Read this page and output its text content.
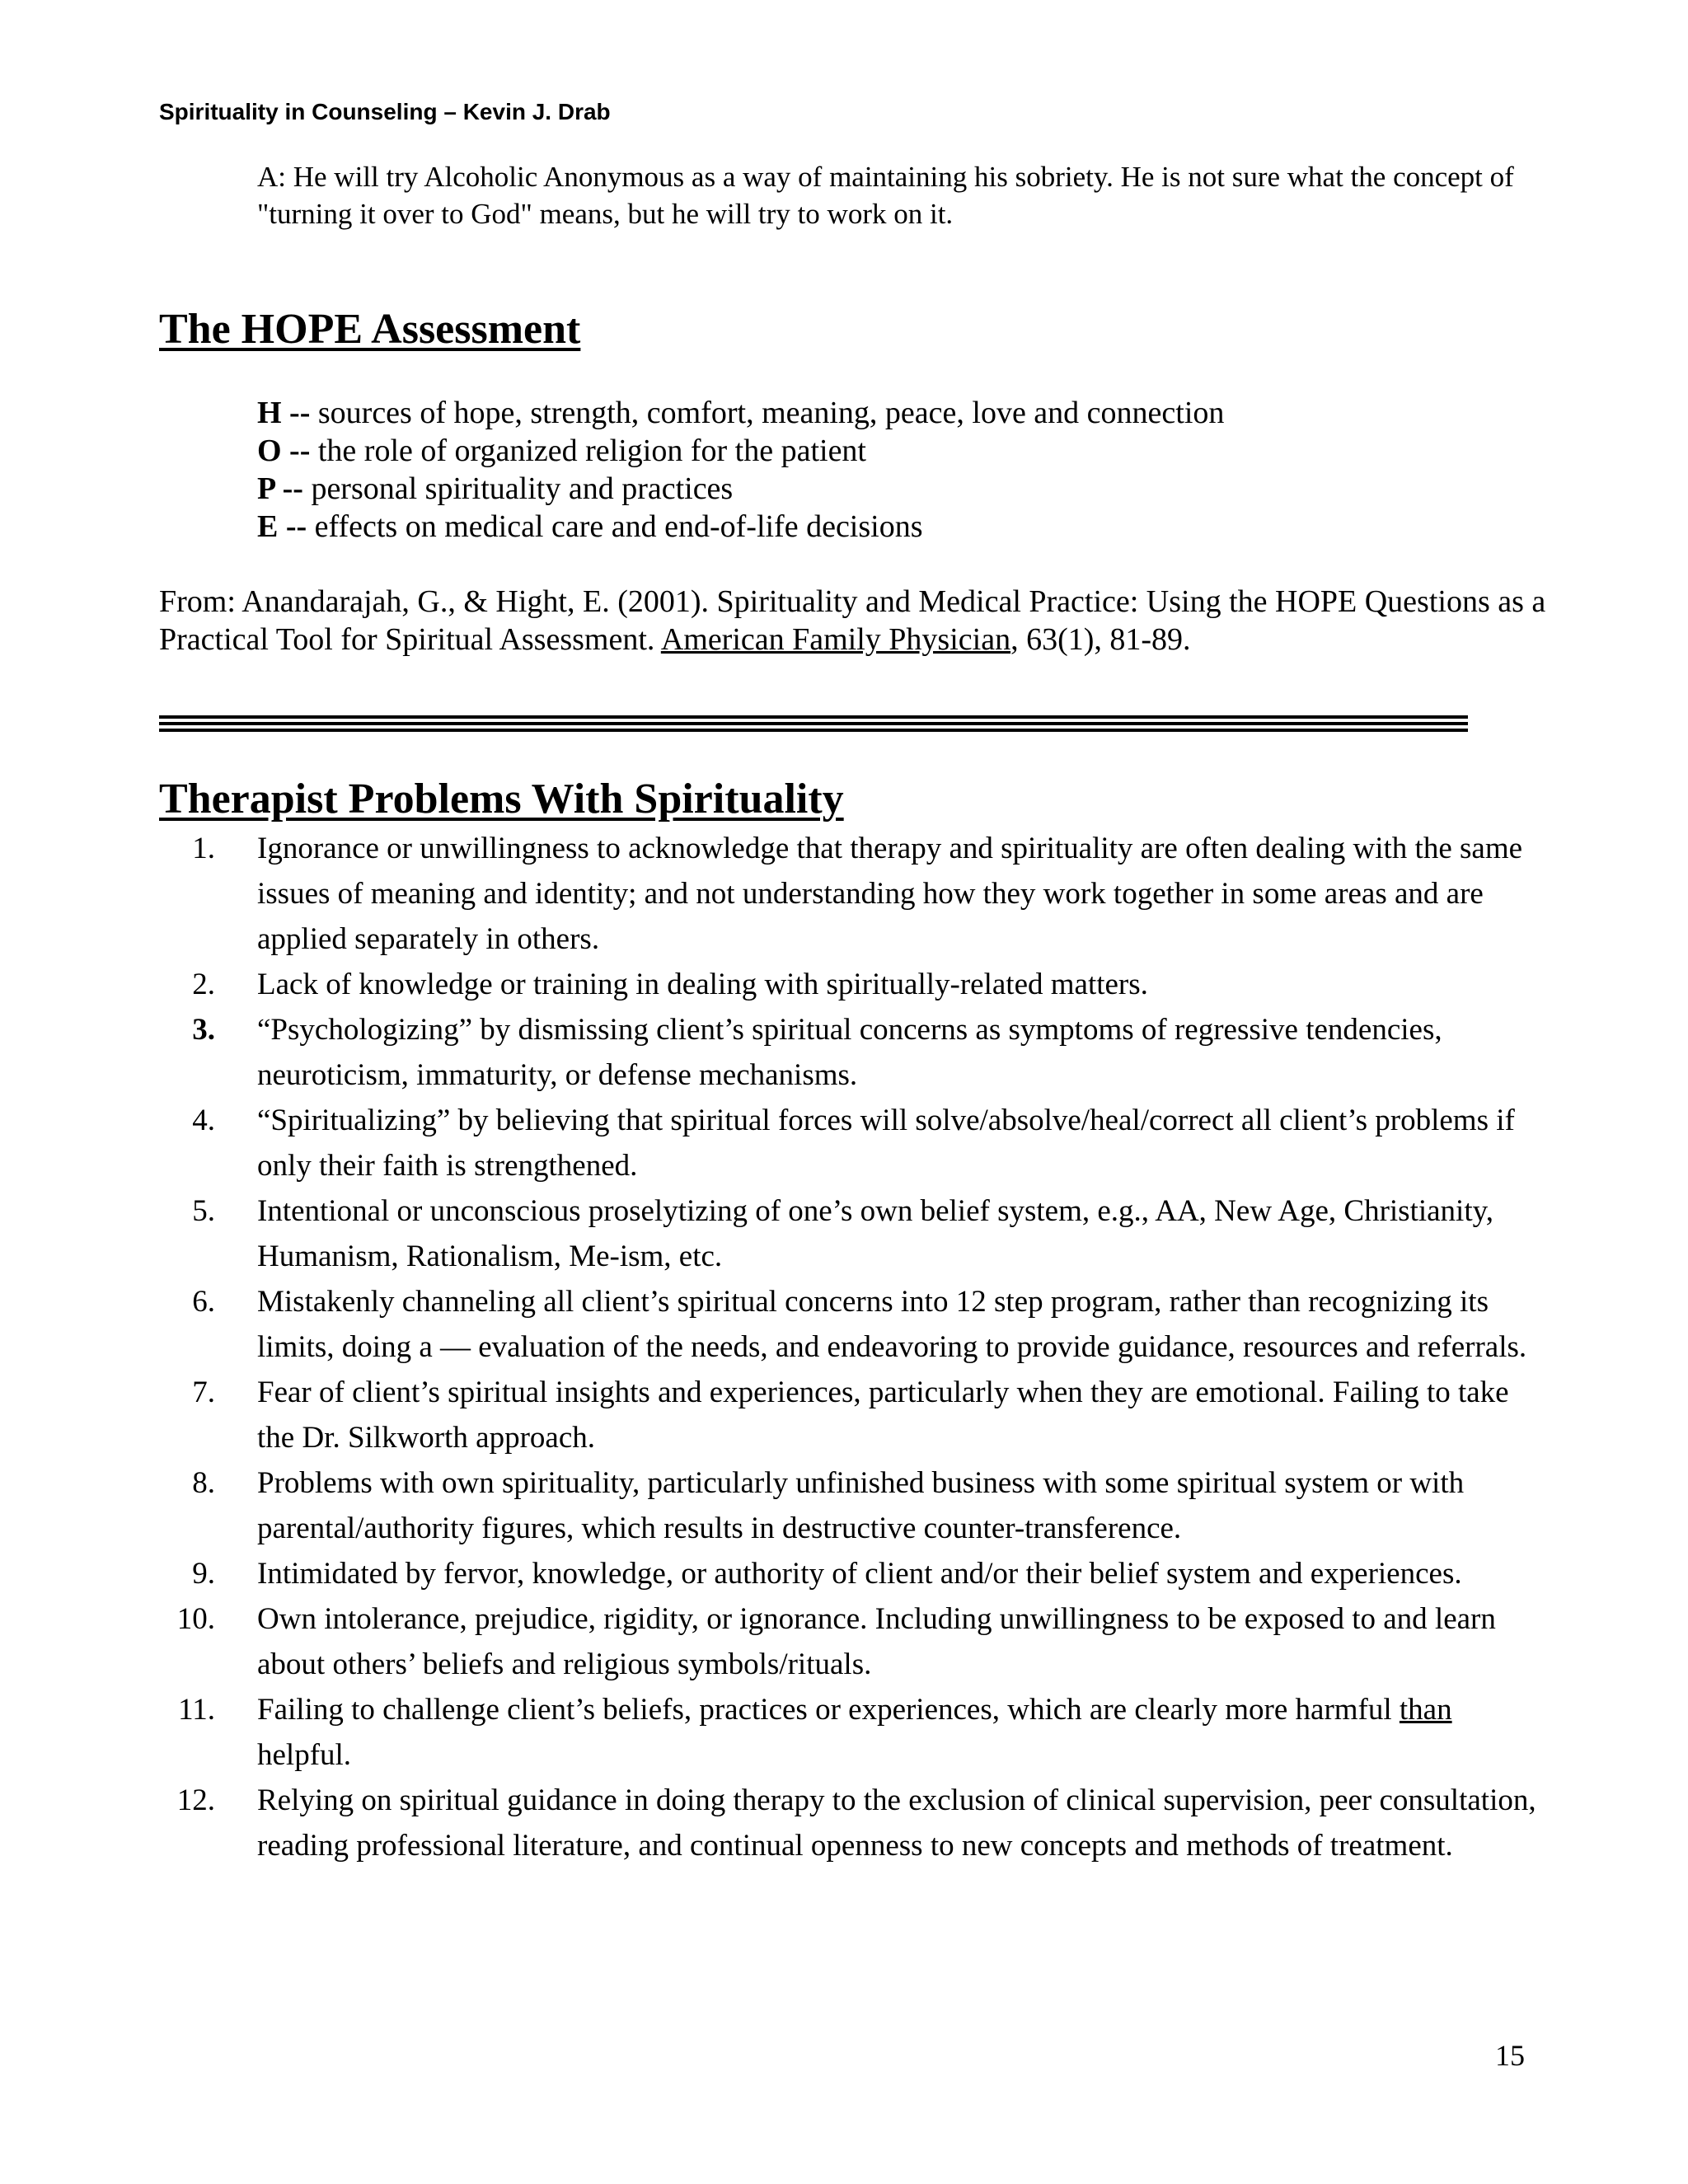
Spirituality in Counseling – Kevin J. Drab

A: He will try Alcoholic Anonymous as a way of maintaining his sobriety. He is not sure what the concept of "turning it over to God" means, but he will try to work on it.

The HOPE Assessment
H -- sources of hope, strength, comfort, meaning, peace, love and connection
O -- the role of organized religion for the patient
P -- personal spirituality and practices
E -- effects on medical care and end-of-life decisions
From: Anandarajah, G., & Hight, E. (2001). Spirituality and Medical Practice: Using the HOPE Questions as a Practical Tool for Spiritual Assessment. American Family Physician, 63(1), 81-89.
Therapist Problems With Spirituality
1. Ignorance or unwillingness to acknowledge that therapy and spirituality are often dealing with the same issues of meaning and identity; and not understanding how they work together in some areas and are applied separately in others.
2. Lack of knowledge or training in dealing with spiritually-related matters.
3. “Psychologizing” by dismissing client’s spiritual concerns as symptoms of regressive tendencies, neuroticism, immaturity, or defense mechanisms.
4. “Spiritualizing” by believing that spiritual forces will solve/absolve/heal/correct all client’s problems if only their faith is strengthened.
5. Intentional or unconscious proselytizing of one’s own belief system, e.g., AA, New Age, Christianity, Humanism, Rationalism, Me-ism, etc.
6. Mistakenly channeling all client’s spiritual concerns into 12 step program, rather than recognizing its limits, doing a — evaluation of the needs, and endeavoring to provide guidance, resources and referrals.
7. Fear of client’s spiritual insights and experiences, particularly when they are emotional. Failing to take the Dr. Silkworth approach.
8. Problems with own spirituality, particularly unfinished business with some spiritual system or with parental/authority figures, which results in destructive counter-transference.
9. Intimidated by fervor, knowledge, or authority of client and/or their belief system and experiences.
10. Own intolerance, prejudice, rigidity, or ignorance. Including unwillingness to be exposed to and learn about others’ beliefs and religious symbols/rituals.
11. Failing to challenge client’s beliefs, practices or experiences, which are clearly more harmful than helpful.
12. Relying on spiritual guidance in doing therapy to the exclusion of clinical supervision, peer consultation, reading professional literature, and continual openness to new concepts and methods of treatment.
15
